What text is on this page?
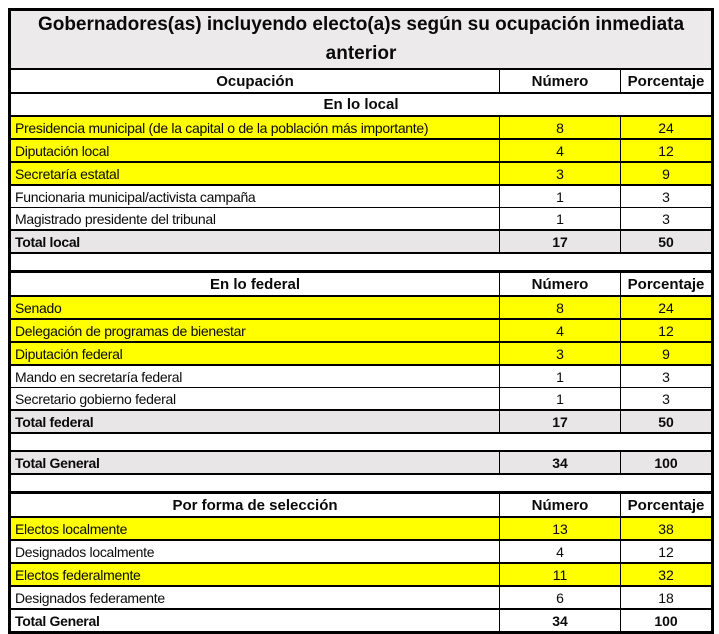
Gobernadores(as) incluyendo electo(a)s según su ocupación inmediata anterior		
Ocupación	Número	Porcentaje
En lo local		
Presidencia municipal (de la capital o de la población más importante)	8	24
Diputación local	4	12
Secretaría estatal	3	9
Funcionaria municipal/activista campaña	1	3
Magistrado presidente del tribunal	1	3
Total local	17	50

En lo federal	Número	Porcentaje
Senado	8	24
Delegación de programas de bienestar	4	12
Diputación federal	3	9
Mando en secretaría federal	1	3
Secretario gobierno federal	1	3
Total federal	17	50

Total General	34	100

Por forma de selección	Número	Porcentaje
Electos localmente	13	38
Designados localmente	4	12
Electos federalmente	11	32
Designados federamente	6	18
Total General	34	100
